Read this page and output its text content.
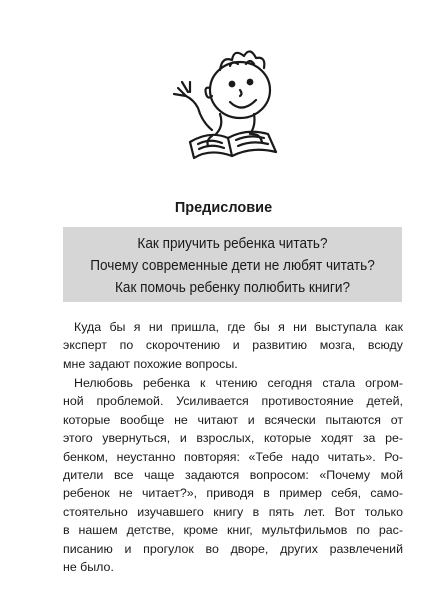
Предисловие
Как приучить ребенка читать?
Почему современные дети не любят читать?
Как помочь ребенку полюбить книги?
Куда бы я ни пришла, где бы я ни выступала как
эксперт по скорочтению и развитию мозга, всюду
мне задают похожие вопросы.
Нелюбовь ребенка к чтению сегодня стала огром-
ной проблемой. Усиливается противостояние детей,
которые вообще не читают и всячески пытаются от
этого увернуться, и взрослых, которые ходят за ре-
бенком, неустанно повторяя: «Тебе надо читать». Ро-
дители все чаще задаются вопросом: «Почему мой
ребенок не читает?», приводя в пример себя, само-
стоятельно изучавшего книгу в пять лет. Вот только
в нашем детстве, кроме книг, мультфильмов по рас-
писанию и прогулок во дворе, других развлечений
не было.
